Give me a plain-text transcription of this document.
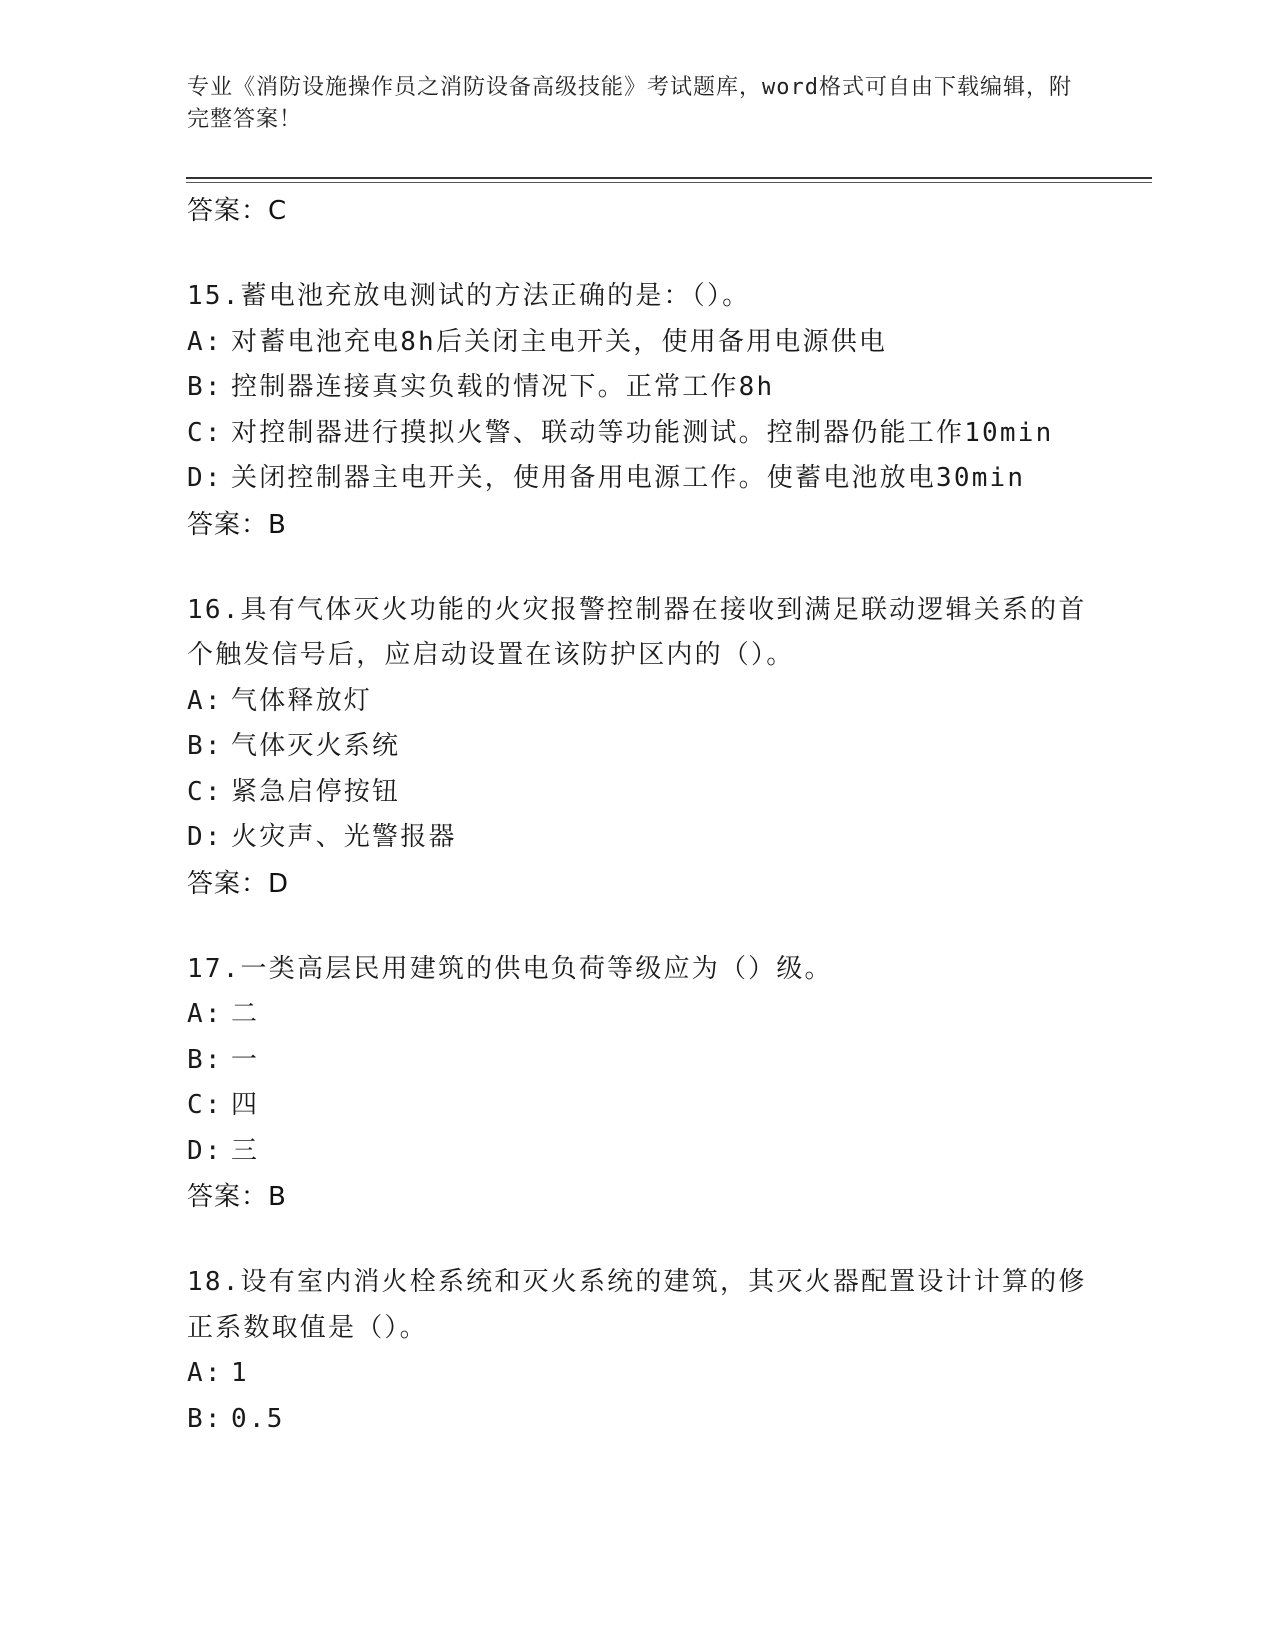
专业《消防设施操作员之消防设备高级技能》考试题库，word格式可自由下载编辑，附完整答案！

答案：C

15.蓄电池充放电测试的方法正确的是：（）。

A: 对蓄电池充电8h后关闭主电开关，使用备用电源供电
B: 控制器连接真实负载的情况下。正常工作8h
C: 对控制器进行摸拟火警、联动等功能测试。控制器仍能工作10min
D: 关闭控制器主电开关，使用备用电源工作。使蓄电池放电30min
答案：B

16.具有气体灭火功能的火灾报警控制器在接收到满足联动逻辑关系的首个触发信号后，应启动设置在该防护区内的（）。

A: 气体释放灯
B: 气体灭火系统
C: 紧急启停按钮
D: 火灾声、光警报器
答案：D

17.一类高层民用建筑的供电负荷等级应为（）级。

A: 二
B: 一
C: 四
D: 三
答案：B

18.设有室内消火栓系统和灭火系统的建筑，其灭火器配置设计计算的修正系数取值是（）。

A: 1
B: 0.5
